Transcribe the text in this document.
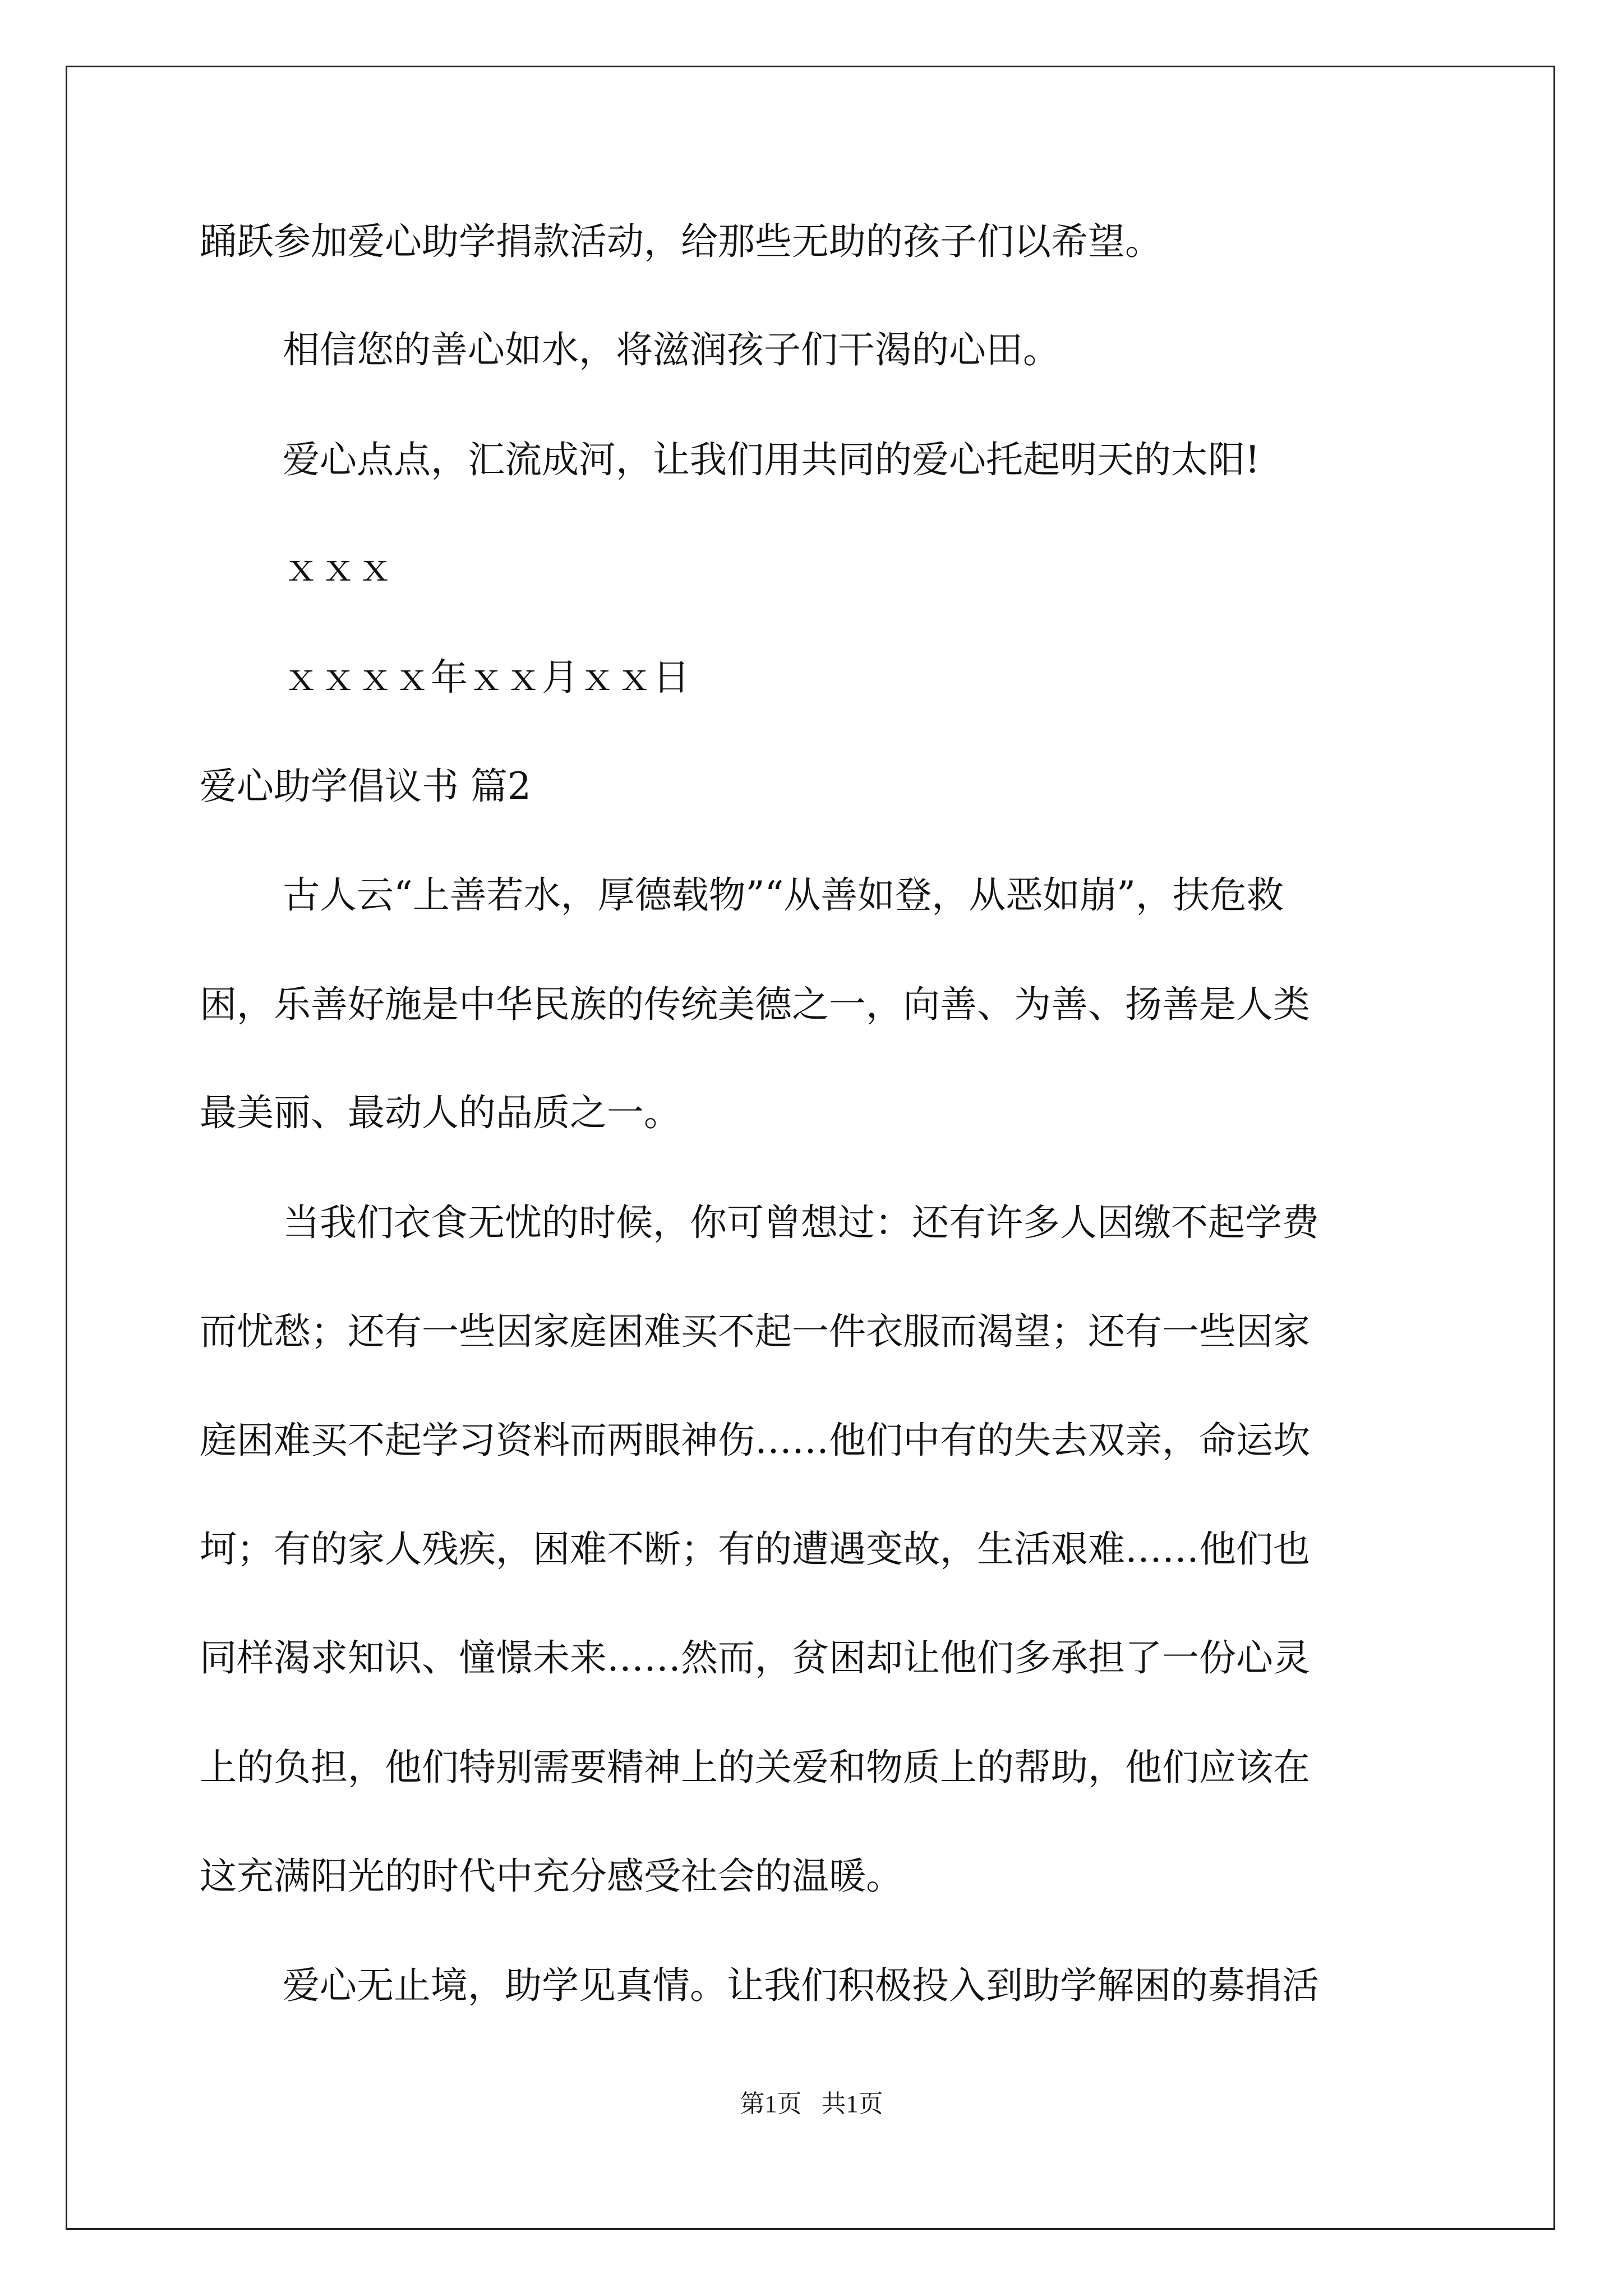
踊跃参加爱心助学捐款活动，给那些无助的孩子们以希望。
相信您的善心如水，将滋润孩子们干渴的心田。
爱心点点，汇流成河，让我们用共同的爱心托起明天的太阳!
ｘｘｘ
ｘｘｘｘ年ｘｘ月ｘｘ日
爱心助学倡议书 篇2
古人云“上善若水，厚德载物”“从善如登，从恶如崩”，扶危救
困，乐善好施是中华民族的传统美德之一，向善、为善、扬善是人类
最美丽、最动人的品质之一。
当我们衣食无忧的时候，你可曾想过：还有许多人因缴不起学费
而忧愁；还有一些因家庭困难买不起一件衣服而渴望；还有一些因家
庭困难买不起学习资料而两眼神伤……他们中有的失去双亲，命运坎
坷；有的家人残疾，困难不断；有的遭遇变故，生活艰难……他们也
同样渴求知识、憧憬未来……然而，贫困却让他们多承担了一份心灵
上的负担，他们特别需要精神上的关爱和物质上的帮助，他们应该在
这充满阳光的时代中充分感受社会的温暖。
爱心无止境，助学见真情。让我们积极投入到助学解困的募捐活
第1页 共1页
